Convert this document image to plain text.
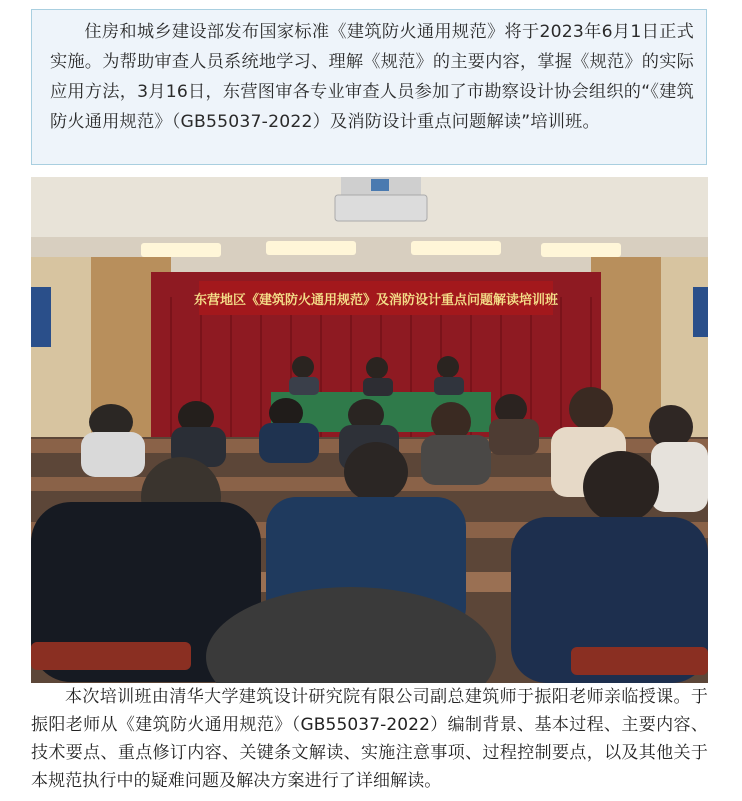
住房和城乡建设部发布国家标准《建筑防火通用规范》将于2023年6月1日正式实施。为帮助审查人员系统地学习、理解《规范》的主要内容，掌握《规范》的实际应用方法，3月16日，东营图审各专业审查人员参加了市勘察设计协会组织的“《建筑防火通用规范》（GB55037-2022）及消防设计重点问题解读”培训班。

东营地区《建筑防火通用规范》及消防设计重点问题解读培训班

本次培训班由清华大学建筑设计研究院有限公司副总建筑师于振阳老师亲临授课。于振阳老师从《建筑防火通用规范》（GB55037-2022）编制背景、基本过程、主要内容、技术要点、重点修订内容、关键条文解读、实施注意事项、过程控制要点，以及其他关于本规范执行中的疑难问题及解决方案进行了详细解读。
